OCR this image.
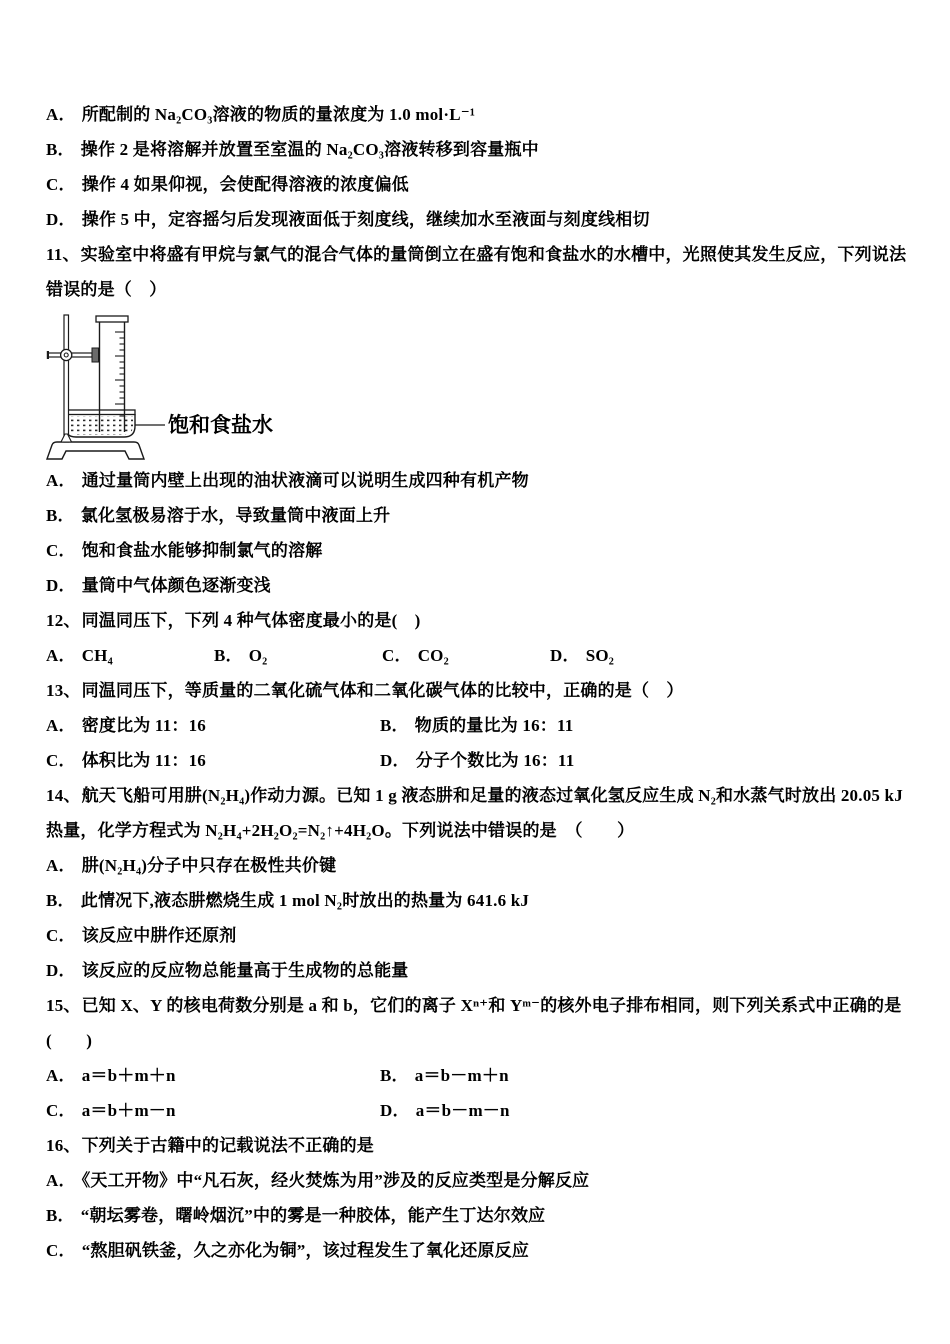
A． 所配制的 Na₂CO₃溶液的物质的量浓度为 1.0 mol·L⁻¹

B． 操作 2 是将溶解并放置至室温的 Na₂CO₃溶液转移到容量瓶中

C． 操作 4 如果仰视，会使配得溶液的浓度偏低

D． 操作 5 中，定容摇匀后发现液面低于刻度线，继续加水至液面与刻度线相切

11、实验室中将盛有甲烷与氯气的混合气体的量筒倒立在盛有饱和食盐水的水槽中，光照使其发生反应，下列说法错误的是（　）

饱和食盐水

A． 通过量筒内壁上出现的油状液滴可以说明生成四种有机产物

B． 氯化氢极易溶于水，导致量筒中液面上升

C． 饱和食盐水能够抑制氯气的溶解

D． 量筒中气体颜色逐渐变浅

12、同温同压下，下列 4 种气体密度最小的是(　)

A． CH₄	B． O₂	C． CO₂	D． SO₂

13、同温同压下，等质量的二氧化硫气体和二氧化碳气体的比较中，正确的是（　）

A． 密度比为 11：16	B． 物质的量比为 16：11

C． 体积比为 11：16	D． 分子个数比为 16：11

14、航天飞船可用肼(N₂H₄)作动力源。已知 1 g 液态肼和足量的液态过氧化氢反应生成 N₂和水蒸气时放出 20.05 kJ 热量，化学方程式为 N₂H₄+2H₂O₂=N₂↑+4H₂O。下列说法中错误的是　（　　）

A． 肼(N₂H₄)分子中只存在极性共价键

B． 此情况下,液态肼燃烧生成 1 mol N₂时放出的热量为 641.6 kJ

C． 该反应中肼作还原剂

D． 该反应的反应物总能量高于生成物的总能量

15、已知 X、Y 的核电荷数分别是 a 和 b，它们的离子 Xⁿ⁺和 Yᵐ⁻的核外电子排布相同，则下列关系式中正确的是(　　)

A． a＝b＋m＋n	B． a＝b－m＋n

C． a＝b＋m－n	D． a＝b－m－n

16、下列关于古籍中的记载说法不正确的是

A． 《天工开物》中“凡石灰，经火焚炼为用”涉及的反应类型是分解反应

B． “朝坛雾卷，曙岭烟沉”中的雾是一种胶体，能产生丁达尔效应

C． “熬胆矾铁釜，久之亦化为铜”，该过程发生了氧化还原反应
